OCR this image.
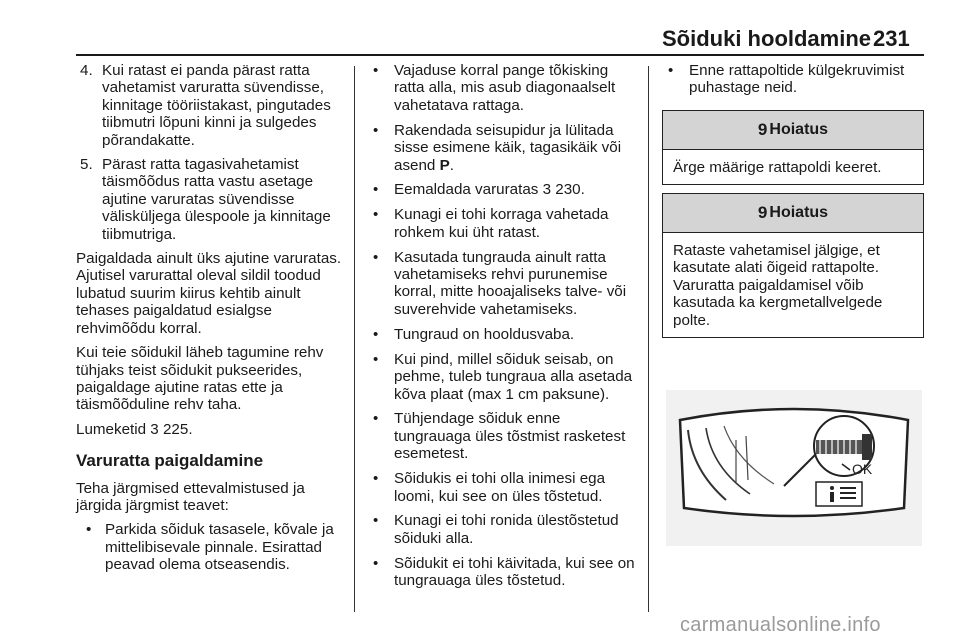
Sõiduki hooldamine 231
4. Kui ratast ei panda pärast ratta vahetamist varuratta süvendisse, kinnitage tööriistakast, pingutades tiibmutri lõpuni kinni ja sulgedes põrandakatte.
5. Pärast ratta tagasivahetamist täismõõdus ratta vastu asetage ajutine varuratas süvendisse välisküljega ülespoole ja kinnitage tiibmutriga.

Paigaldada ainult üks ajutine varuratas. Ajutisel varurattal oleval sildil toodud lubatud suurim kiirus kehtib ainult tehases paigaldatud esialgse rehvimõõdu korral.

Kui teie sõidukil läheb tagumine rehv tühjaks teist sõidukit pukseerides, paigaldage ajutine ratas ette ja täismõõduline rehv taha.

Lumeketid 3 225.

Varuratta paigaldamine

Teha järgmised ettevalmistused ja järgida järgmist teavet:

• Parkida sõiduk tasasele, kõvale ja mittelibisevale pinnale. Esirattad peavad olema otseasendis.
• Vajaduse korral pange tõkisking ratta alla, mis asub diagonaalselt vahetatava rattaga.
• Rakendada seisupidur ja lülitada sisse esimene käik, tagasikäik või asend P.
• Eemaldada varuratas 3 230.
• Kunagi ei tohi korraga vahetada rohkem kui üht ratast.
• Kasutada tungrauda ainult ratta vahetamiseks rehvi purunemise korral, mitte hooajaliseks talve- või suverehvide vahetamiseks.
• Tungraud on hooldusvaba.
• Kui pind, millel sõiduk seisab, on pehme, tuleb tungraua alla asetada kõva plaat (max 1 cm paksune).
• Tühjendage sõiduk enne tungrauaga üles tõstmist rasketest esemetest.
• Sõidukis ei tohi olla inimesi ega loomi, kui see on üles tõstetud.
• Kunagi ei tohi ronida ülestõstetud sõiduki alla.
• Sõidukit ei tohi käivitada, kui see on tungrauaga üles tõstetud.
• Enne rattapoltide külgekruvimist puhastage neid.
9 Hoiatus
Ärge määrige rattapoldi keeret.
9 Hoiatus
Rataste vahetamisel jälgige, et kasutate alati õigeid rattapolte. Varuratta paigaldamisel võib kasutada ka kergmetallvelgede polte.
OK
carmanualsonline.info
